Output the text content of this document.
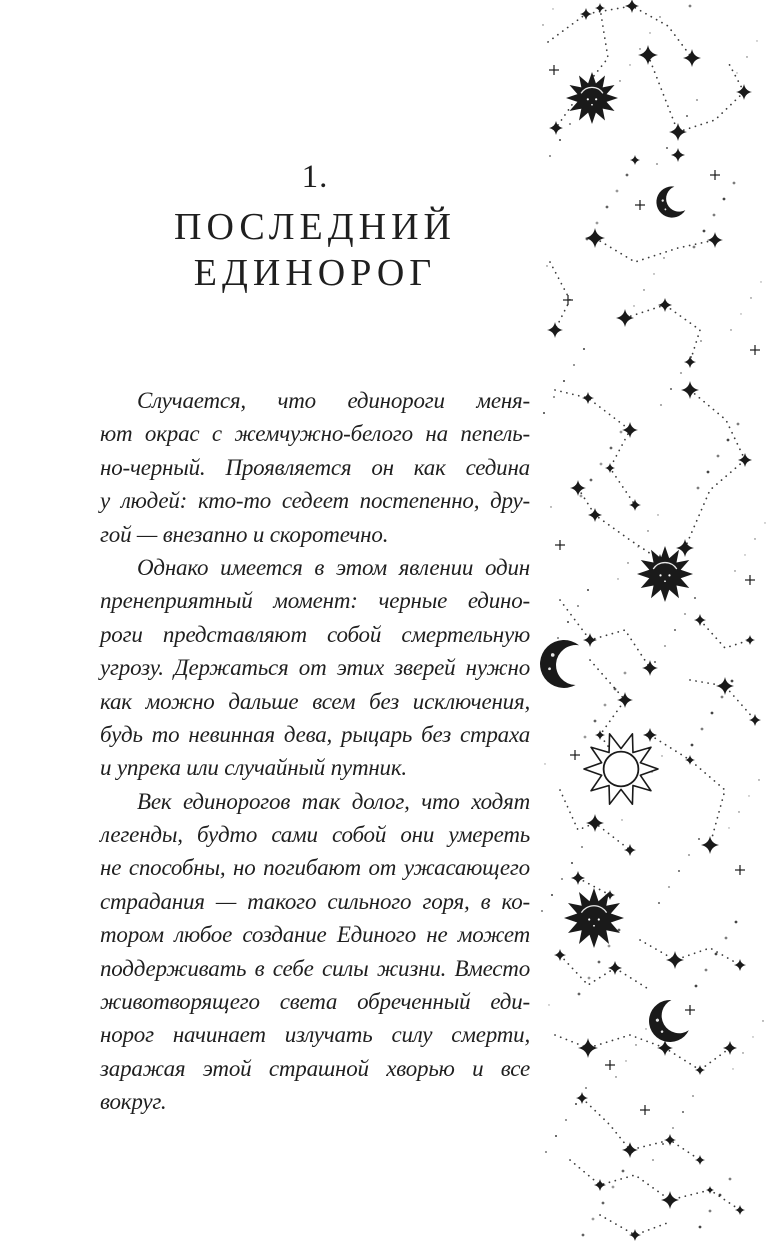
1.
ПОСЛЕДНИЙ
ЕДИНОРОГ
Случается, что единороги меня-
ют окрас с жемчужно-белого на пепель-
но-черный. Проявляется он как седина
у людей: кто-то седеет постепенно, дру-
гой — внезапно и скоротечно.
Однако имеется в этом явлении один
пренеприятный момент: черные едино-
роги представляют собой смертельную
угрозу. Держаться от этих зверей нужно
как можно дальше всем без исключения,
будь то невинная дева, рыцарь без страха
и упрека или случайный путник.
Век единорогов так долог, что ходят
легенды, будто сами собой они умереть
не способны, но погибают от ужасающего
страдания — такого сильного горя, в ко-
тором любое создание Единого не может
поддерживать в себе силы жизни. Вместо
животворящего света обреченный еди-
норог начинает излучать силу смерти,
заражая этой страшной хворью и все
вокруг.
